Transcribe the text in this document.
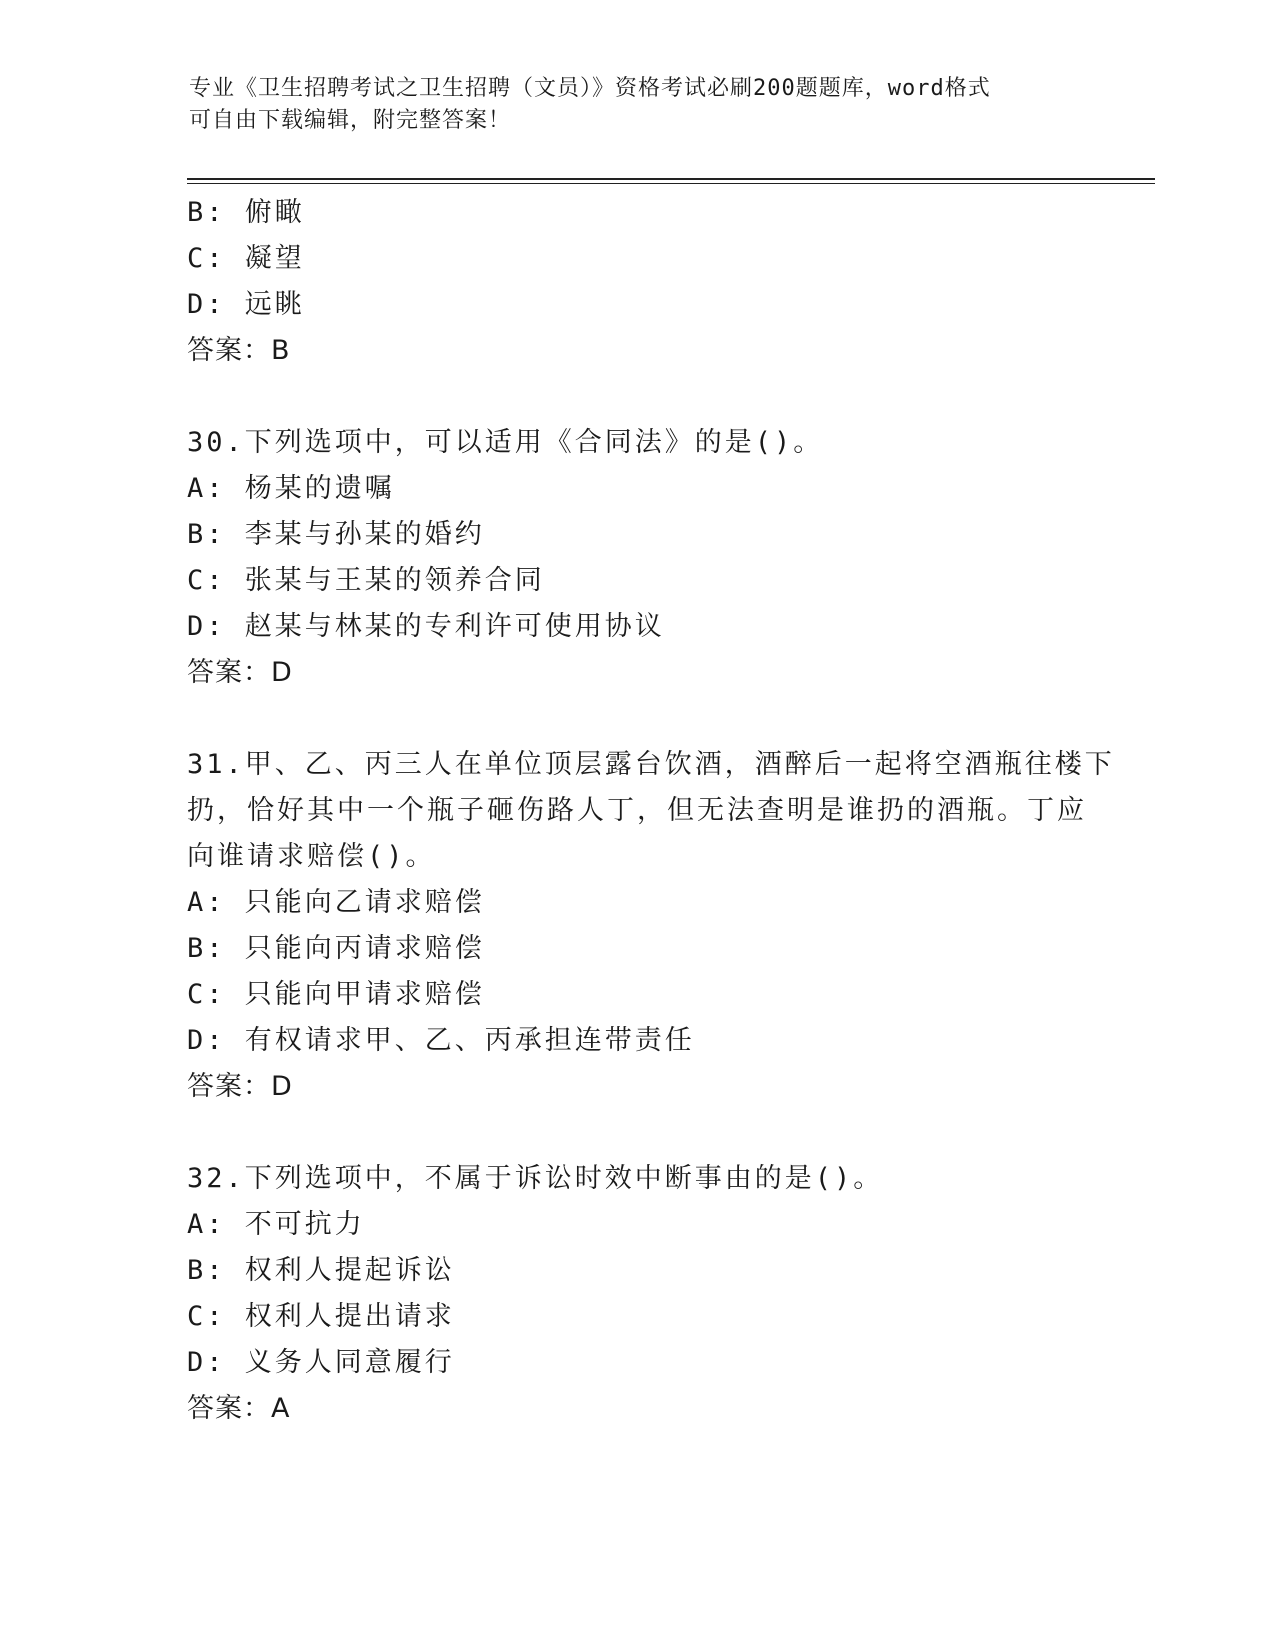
专业《卫生招聘考试之卫生招聘（文员）》资格考试必刷200题题库，word格式
可自由下载编辑，附完整答案！
B: 俯瞰
C: 凝望
D: 远眺
答案：B
30.下列选项中，可以适用《合同法》的是()。
A: 杨某的遗嘱
B: 李某与孙某的婚约
C: 张某与王某的领养合同
D: 赵某与林某的专利许可使用协议
答案：D
31.甲、乙、丙三人在单位顶层露台饮酒，酒醉后一起将空酒瓶往楼下
扔，恰好其中一个瓶子砸伤路人丁，但无法查明是谁扔的酒瓶。丁应
向谁请求赔偿()。
A: 只能向乙请求赔偿
B: 只能向丙请求赔偿
C: 只能向甲请求赔偿
D: 有权请求甲、乙、丙承担连带责任
答案：D
32.下列选项中，不属于诉讼时效中断事由的是()。
A: 不可抗力
B: 权利人提起诉讼
C: 权利人提出请求
D: 义务人同意履行
答案：A
